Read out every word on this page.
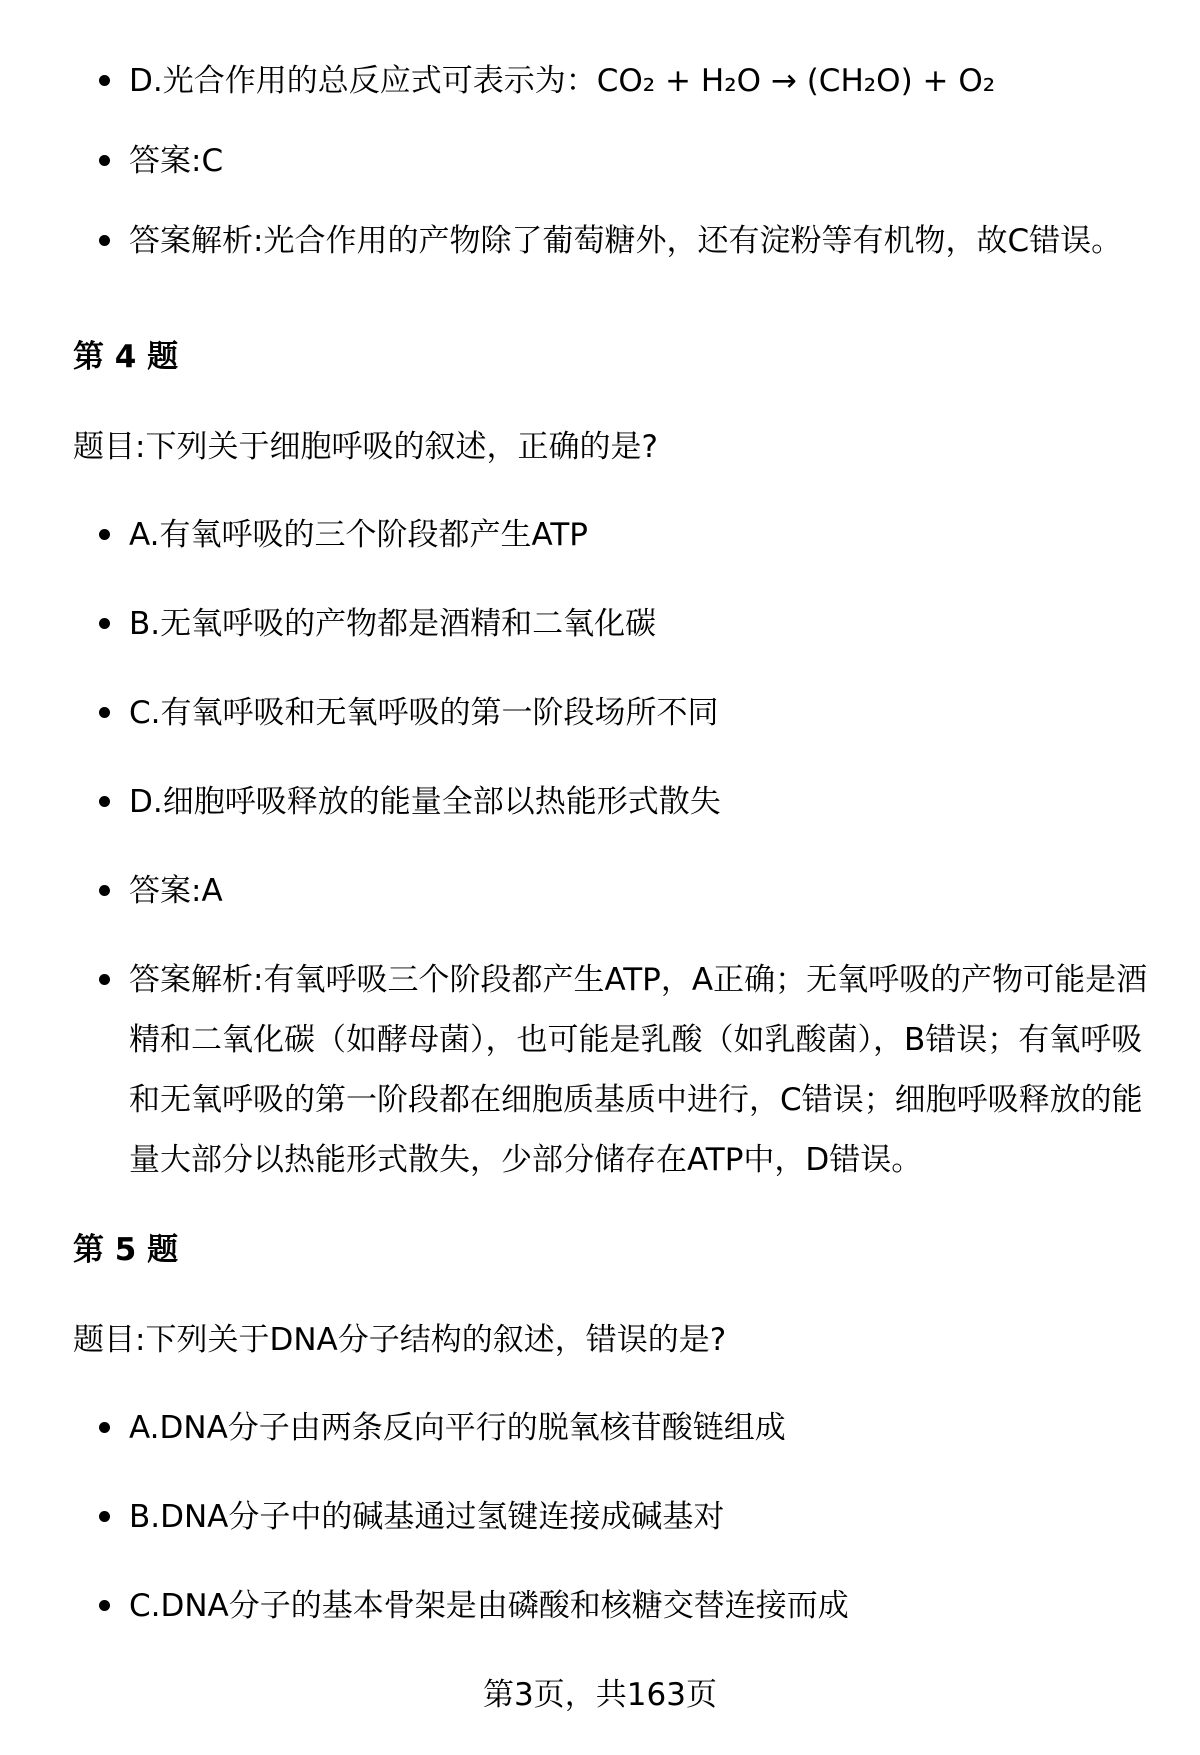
D.光合作用的总反应式可表示为：CO₂ + H₂O → (CH₂O) + O₂
答案:C
答案解析:光合作用的产物除了葡萄糖外，还有淀粉等有机物，故C错误。
第 4 题
题目:下列关于细胞呼吸的叙述，正确的是?
A.有氧呼吸的三个阶段都产生ATP
B.无氧呼吸的产物都是酒精和二氧化碳
C.有氧呼吸和无氧呼吸的第一阶段场所不同
D.细胞呼吸释放的能量全部以热能形式散失
答案:A
答案解析:有氧呼吸三个阶段都产生ATP，A正确；无氧呼吸的产物可能是酒精和二氧化碳（如酵母菌），也可能是乳酸（如乳酸菌），B错误；有氧呼吸和无氧呼吸的第一阶段都在细胞质基质中进行，C错误；细胞呼吸释放的能量大部分以热能形式散失，少部分储存在ATP中，D错误。
第 5 题
题目:下列关于DNA分子结构的叙述，错误的是?
A.DNA分子由两条反向平行的脱氧核苷酸链组成
B.DNA分子中的碱基通过氢键连接成碱基对
C.DNA分子的基本骨架是由磷酸和核糖交替连接而成
第3页，共163页
